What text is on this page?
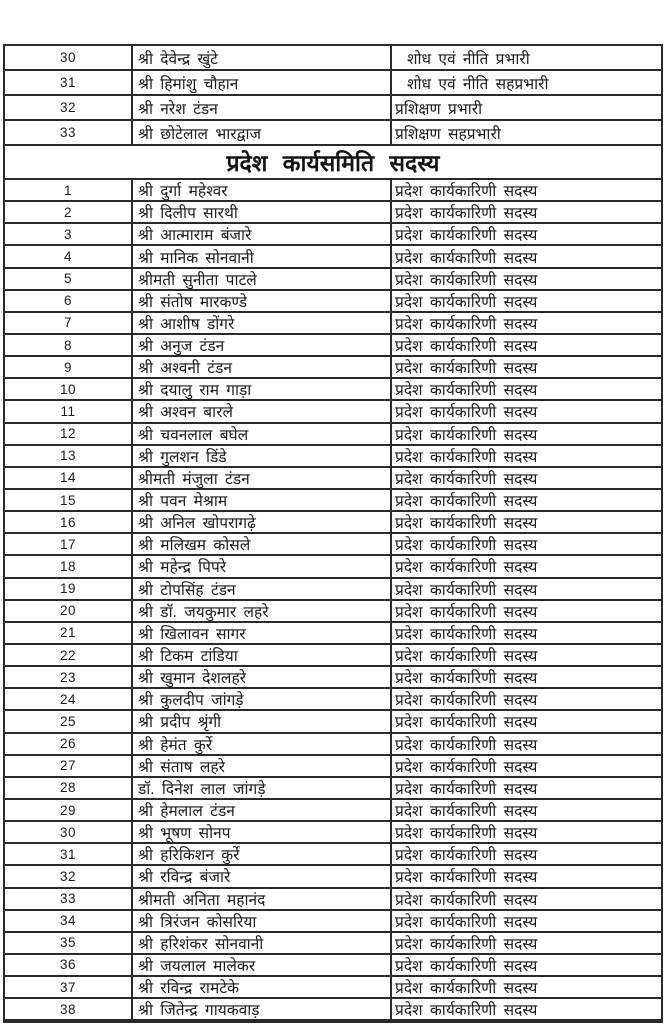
30	श्री देवेन्द्र खुंटे	शोध एवं नीति प्रभारी
31	श्री हिमांशु चौहान	शोध एवं नीति सहप्रभारी
32	श्री नरेश टंडन	प्रशिक्षण प्रभारी
33	श्री छोटेलाल भारद्वाज	प्रशिक्षण सहप्रभारी
प्रदेश कार्यसमिति सदस्य
1	श्री दुर्गा महेश्वर	प्रदेश कार्यकारिणी सदस्य
2	श्री दिलीप सारथी	प्रदेश कार्यकारिणी सदस्य
3	श्री आत्माराम बंजारे	प्रदेश कार्यकारिणी सदस्य
4	श्री मानिक सोनवानी	प्रदेश कार्यकारिणी सदस्य
5	श्रीमती सुनीता पाटले	प्रदेश कार्यकारिणी सदस्य
6	श्री संतोष मारकण्डे	प्रदेश कार्यकारिणी सदस्य
7	श्री आशीष डोंगरे	प्रदेश कार्यकारिणी सदस्य
8	श्री अनुज टंडन	प्रदेश कार्यकारिणी सदस्य
9	श्री अश्वनी टंडन	प्रदेश कार्यकारिणी सदस्य
10	श्री दयालु राम गाड़ा	प्रदेश कार्यकारिणी सदस्य
11	श्री अश्वन बारले	प्रदेश कार्यकारिणी सदस्य
12	श्री चवनलाल बघेल	प्रदेश कार्यकारिणी सदस्य
13	श्री गुलशन डिंडे	प्रदेश कार्यकारिणी सदस्य
14	श्रीमती मंजुला टंडन	प्रदेश कार्यकारिणी सदस्य
15	श्री पवन मेश्राम	प्रदेश कार्यकारिणी सदस्य
16	श्री अनिल खोपरागढ़े	प्रदेश कार्यकारिणी सदस्य
17	श्री मलिखम कोसले	प्रदेश कार्यकारिणी सदस्य
18	श्री महेन्द्र पिपरे	प्रदेश कार्यकारिणी सदस्य
19	श्री टोपसिंह टंडन	प्रदेश कार्यकारिणी सदस्य
20	श्री डॉ. जयकुमार लहरे	प्रदेश कार्यकारिणी सदस्य
21	श्री खिलावन सागर	प्रदेश कार्यकारिणी सदस्य
22	श्री टिकम टांडिया	प्रदेश कार्यकारिणी सदस्य
23	श्री खुमान देशलहरे	प्रदेश कार्यकारिणी सदस्य
24	श्री कुलदीप जांगड़े	प्रदेश कार्यकारिणी सदस्य
25	श्री प्रदीप श्रृंगी	प्रदेश कार्यकारिणी सदस्य
26	श्री हेमंत कुर्रे	प्रदेश कार्यकारिणी सदस्य
27	श्री संताष लहरे	प्रदेश कार्यकारिणी सदस्य
28	डॉ. दिनेश लाल जांगड़े	प्रदेश कार्यकारिणी सदस्य
29	श्री हेमलाल टंडन	प्रदेश कार्यकारिणी सदस्य
30	श्री भूषण सोनप	प्रदेश कार्यकारिणी सदस्य
31	श्री हरिकिशन कुर्रे	प्रदेश कार्यकारिणी सदस्य
32	श्री रविन्द्र बंजारे	प्रदेश कार्यकारिणी सदस्य
33	श्रीमती अनिता महानंद	प्रदेश कार्यकारिणी सदस्य
34	श्री त्रिरंजन कोसरिया	प्रदेश कार्यकारिणी सदस्य
35	श्री हरिशंकर सोनवानी	प्रदेश कार्यकारिणी सदस्य
36	श्री जयलाल मालेकर	प्रदेश कार्यकारिणी सदस्य
37	श्री रविन्द्र रामटेके	प्रदेश कार्यकारिणी सदस्य
38	श्री जितेन्द्र गायकवाड़	प्रदेश कार्यकारिणी सदस्य
